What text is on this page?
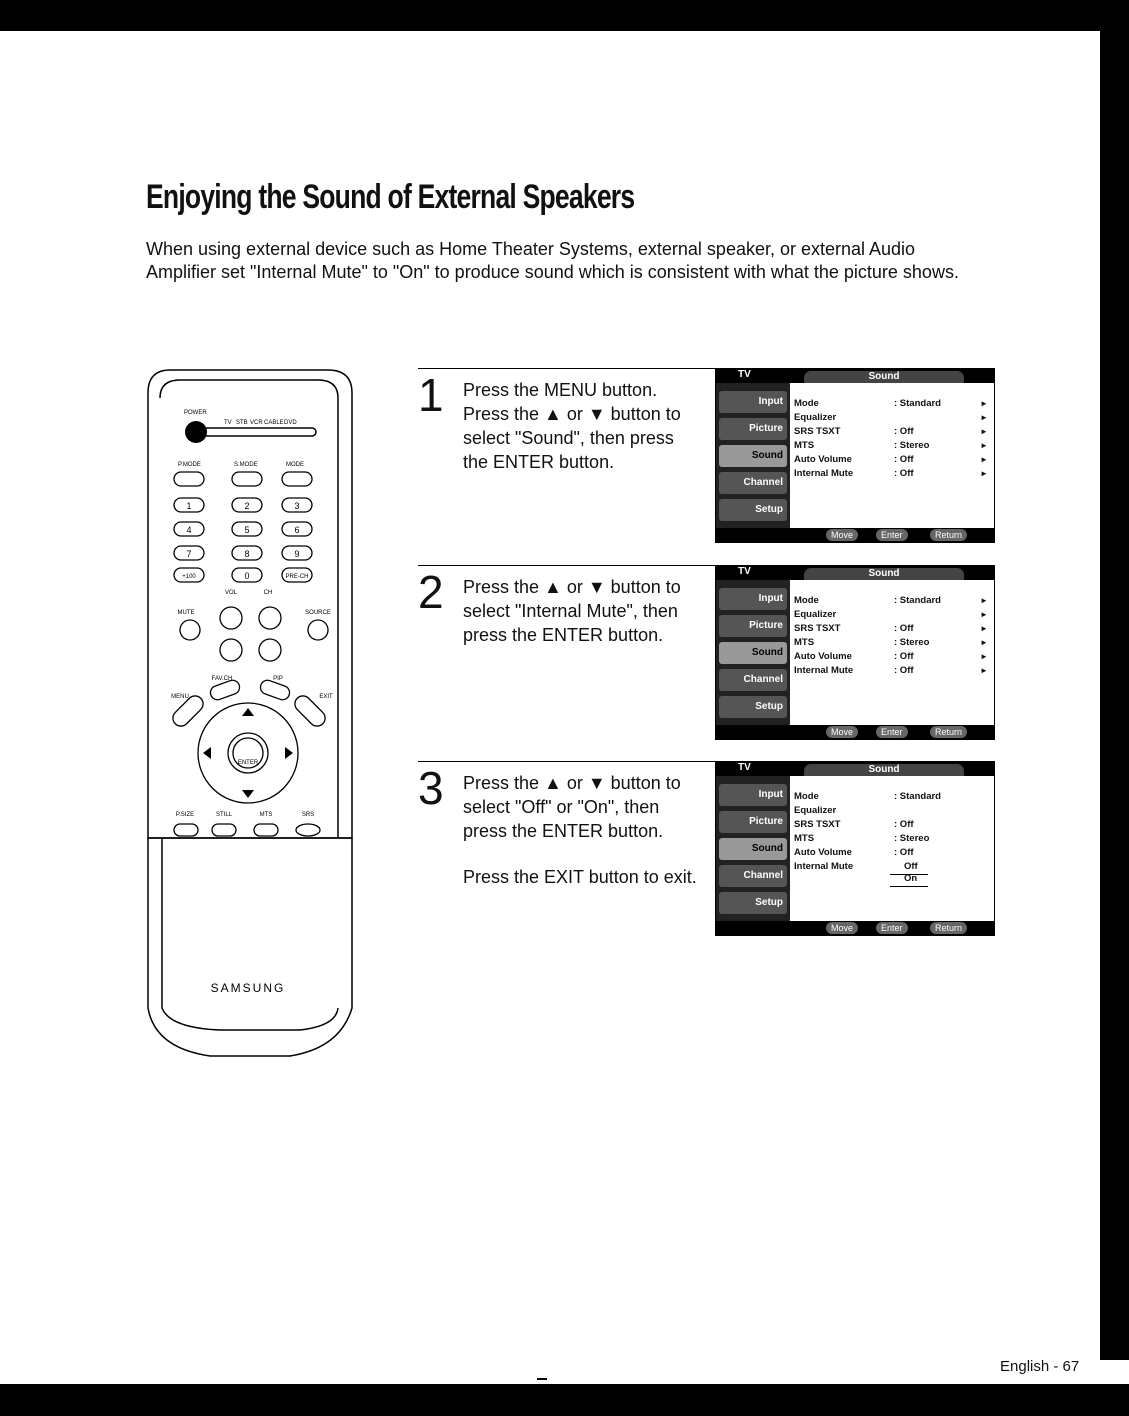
Enjoying the Sound of External Speakers

When using external device such as Home Theater Systems, external speaker, or external Audio Amplifier set "Internal Mute" to "On" to produce sound which is consistent with what the picture shows.

POWER
TV STB VCR CABLE DVD
P.MODE	S.MODE	MODE
1	2	3
4	5	6
7	8	9
+100	0	PRE-CH
VOL	CH
MUTE	SOURCE
FAV.CH	PIP
MENU	EXIT
ENTER
P.SIZE	STILL	MTS	SRS
SAMSUNG
1 Press the MENU button. Press the ▲ or ▼ button to select "Sound", then press the ENTER button.

TV	Sound
Input
Picture
Sound
Channel
Setup
Mode	: Standard	►
Equalizer	►
SRS TSXT	: Off	►
MTS	: Stereo	►
Auto Volume	: Off	►
Internal Mute	: Off	►
Move	Enter	Return
2 Press the ▲ or ▼ button to select "Internal Mute", then press the ENTER button.

TV	Sound
Input
Picture
Sound
Channel
Setup
Mode	: Standard	►
Equalizer	►
SRS TSXT	: Off	►
MTS	: Stereo	►
Auto Volume	: Off	►
Internal Mute	: Off	►
Move	Enter	Return
3 Press the ▲ or ▼ button to select "Off" or "On", then press the ENTER button.

Press the EXIT button to exit.

TV	Sound
Input
Picture
Sound
Channel
Setup
Mode	: Standard
Equalizer
SRS TSXT	: Off
MTS	: Stereo
Auto Volume	: Off
Internal Mute	Off
On
Move	Enter	Return
English - 67
